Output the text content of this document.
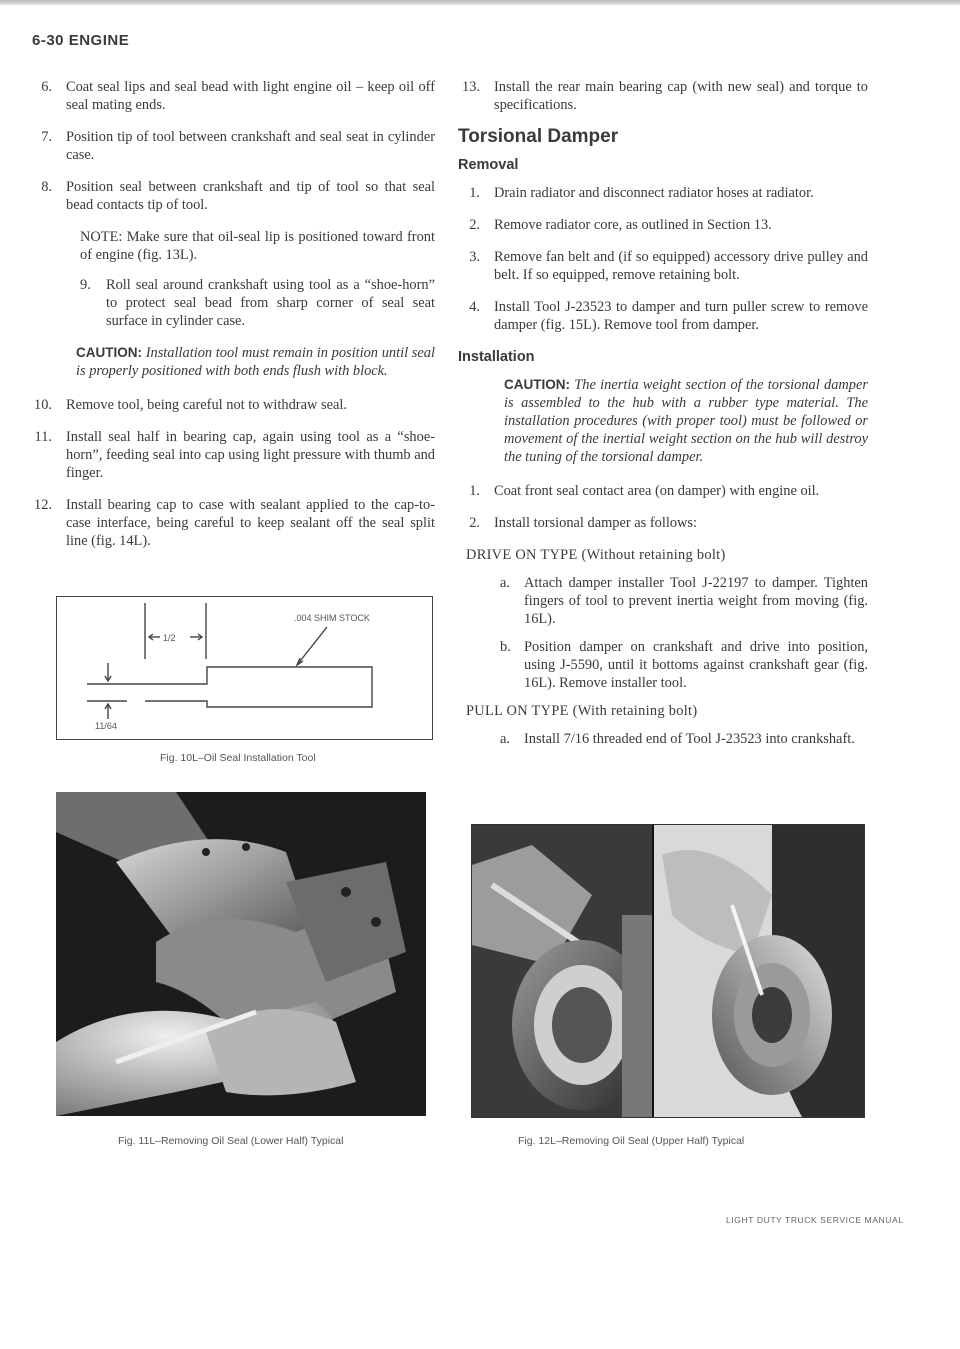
6-30 ENGINE
6. Coat seal lips and seal bead with light engine oil – keep oil off seal mating ends.
7. Position tip of tool between crankshaft and seal seat in cylinder case.
8. Position seal between crankshaft and tip of tool so that seal bead contacts tip of tool.
NOTE: Make sure that oil-seal lip is positioned toward front of engine (fig. 13L).
9. Roll seal around crankshaft using tool as a “shoe-horn” to protect seal bead from sharp corner of seal seat surface in cylinder case.
CAUTION: Installation tool must remain in position until seal is properly positioned with both ends flush with block.
10. Remove tool, being careful not to withdraw seal.
11. Install seal half in bearing cap, again using tool as a “shoe-horn”, feeding seal into cap using light pressure with thumb and finger.
12. Install bearing cap to case with sealant applied to the cap-to-case interface, being careful to keep sealant off the seal split line (fig. 14L).
.004 SHIM STOCK
1/2
11/64
Fig. 10L–Oil Seal Installation Tool
Fig. 11L–Removing Oil Seal (Lower Half) Typical
13. Install the rear main bearing cap (with new seal) and torque to specifications.
Torsional Damper
Removal
1. Drain radiator and disconnect radiator hoses at radiator.
2. Remove radiator core, as outlined in Section 13.
3. Remove fan belt and (if so equipped) accessory drive pulley and belt. If so equipped, remove retaining bolt.
4. Install Tool J-23523 to damper and turn puller screw to remove damper (fig. 15L). Remove tool from damper.
Installation
CAUTION: The inertia weight section of the torsional damper is assembled to the hub with a rubber type material. The installation procedures (with proper tool) must be followed or movement of the inertial weight section on the hub will destroy the tuning of the torsional damper.
1. Coat front seal contact area (on damper) with engine oil.
2. Install torsional damper as follows:
DRIVE ON TYPE (Without retaining bolt)
a. Attach damper installer Tool J-22197 to damper. Tighten fingers of tool to prevent inertia weight from moving (fig. 16L).
b. Position damper on crankshaft and drive into position, using J-5590, until it bottoms against crankshaft gear (fig. 16L). Remove installer tool.
PULL ON TYPE (With retaining bolt)
a. Install 7/16 threaded end of Tool J-23523 into crankshaft.
Fig. 12L–Removing Oil Seal (Upper Half) Typical
LIGHT DUTY TRUCK SERVICE MANUAL
